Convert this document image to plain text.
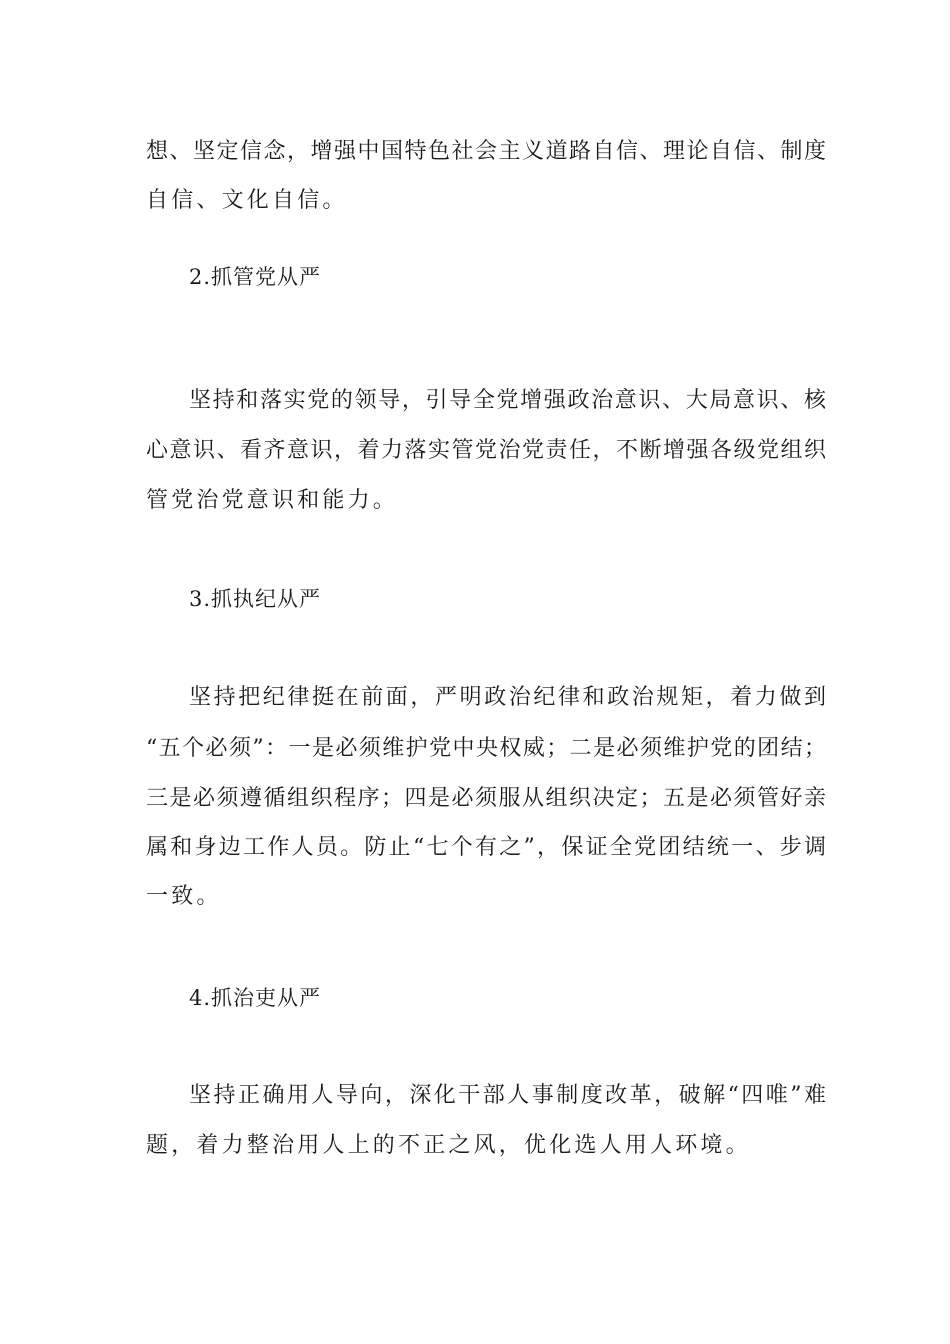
想、坚定信念，增强中国特色社会主义道路自信、理论自信、制度
自信、文化自信。
2.抓管党从严
坚持和落实党的领导，引导全党增强政治意识、大局意识、核
心意识、看齐意识，着力落实管党治党责任，不断增强各级党组织
管党治党意识和能力。
3.抓执纪从严
坚持把纪律挺在前面，严明政治纪律和政治规矩，着力做到
“五个必须”：一是必须维护党中央权威；二是必须维护党的团结；
三是必须遵循组织程序；四是必须服从组织决定；五是必须管好亲
属和身边工作人员。防止“七个有之”，保证全党团结统一、步调
一致。
4.抓治吏从严
坚持正确用人导向，深化干部人事制度改革，破解“四唯”难
题，着力整治用人上的不正之风，优化选人用人环境。
